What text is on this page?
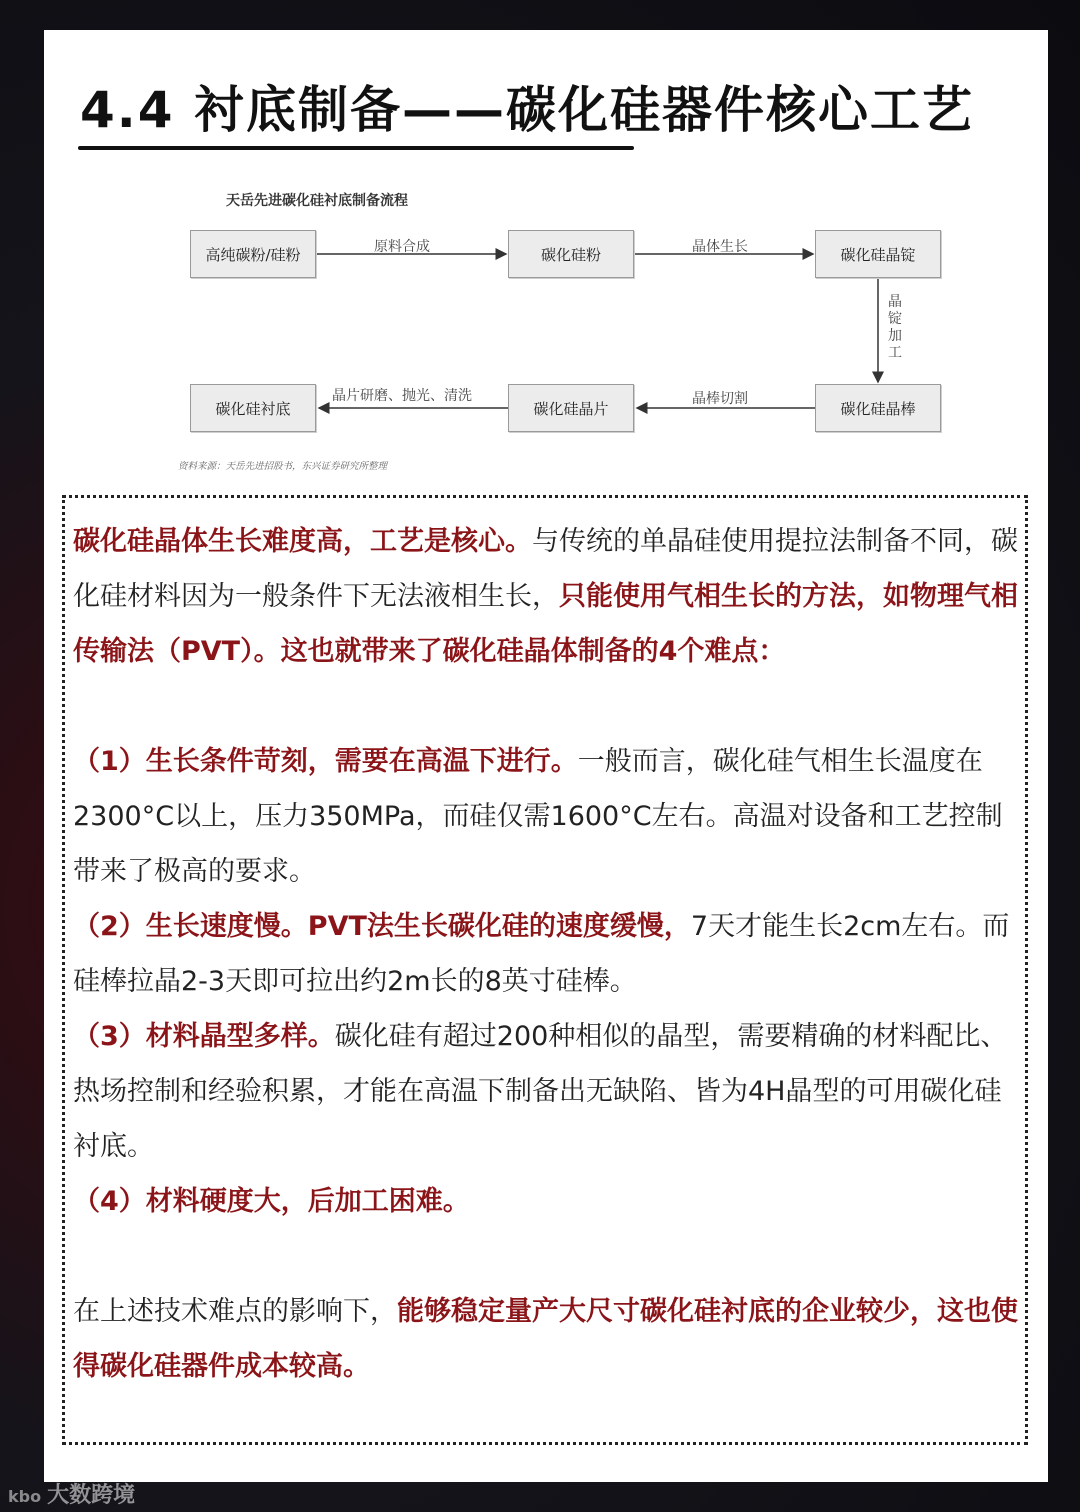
4.4 衬底制备——碳化硅器件核心工艺
天岳先进碳化硅衬底制备流程
高纯碳粉/硅粉	碳化硅粉	碳化硅晶锭
碳化硅晶棒
碳化硅晶片
碳化硅衬底
原料合成	晶体生长
晶
锭
加
工
晶棒切割
晶片研磨、抛光、清洗
资料来源：天岳先进招股书，东兴证券研究所整理

碳化硅晶体生长难度高，工艺是核心。与传统的单晶硅使用提拉法制备不同，碳化硅材料因为一般条件下无法液相生长，只能使用气相生长的方法，如物理气相传输法（PVT）。这也就带来了碳化硅晶体制备的4个难点：

（1）生长条件苛刻，需要在高温下进行。一般而言，碳化硅气相生长温度在2300°C以上，压力350MPa，而硅仅需1600°C左右。高温对设备和工艺控制带来了极高的要求。

（2）生长速度慢。PVT法生长碳化硅的速度缓慢，7天才能生长2cm左右。而硅棒拉晶2-3天即可拉出约2m长的8英寸硅棒。

（3）材料晶型多样。碳化硅有超过200种相似的晶型，需要精确的材料配比、热场控制和经验积累，才能在高温下制备出无缺陷、皆为4H晶型的可用碳化硅衬底。

（4）材料硬度大，后加工困难。

在上述技术难点的影响下，能够稳定量产大尺寸碳化硅衬底的企业较少，这也使得碳化硅器件成本较高。

kbo 大数跨境
